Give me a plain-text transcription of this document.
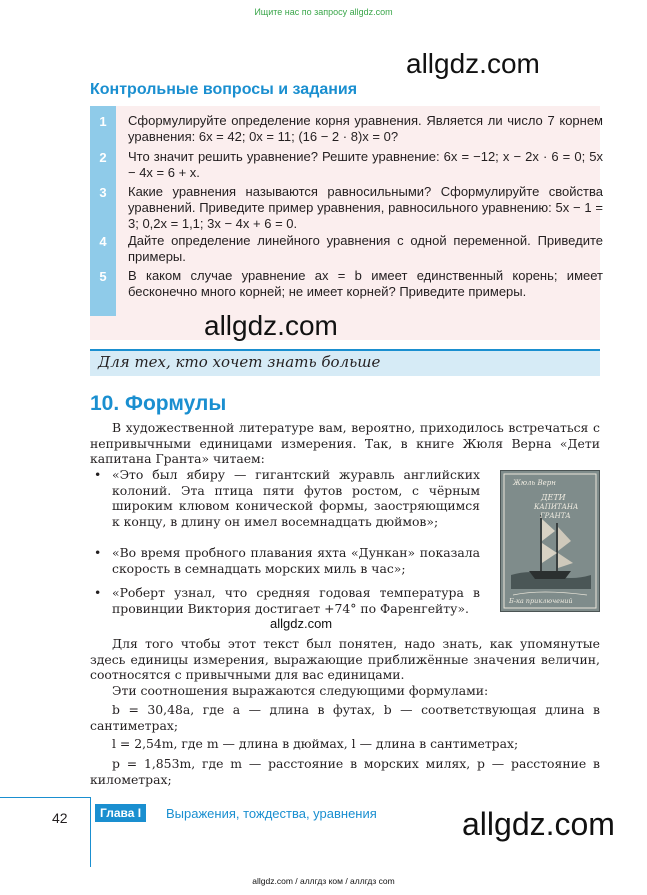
Ищите нас по запросу allgdz.com
Контрольные вопросы и задания
1	Сформулируйте определение корня уравнения. Является ли число 7 корнем уравнения: 6x = 42; 0x = 11; (16 − 2 · 8)x = 0?
2	Что значит решить уравнение? Решите уравнение: 6x = −12; x − 2x · 6 = 0; 5x − 4x = 6 + x.
3	Какие уравнения называются равносильными? Сформулируйте свойства уравнений. Приведите пример уравнения, равносильного уравнению: 5x − 1 = 3; 0,2x = 1,1; 3x − 4x + 6 = 0.
4	Дайте определение линейного уравнения с одной переменной. Приведите примеры.
5	В каком случае уравнение ax = b имеет единственный корень; имеет бесконечно много корней; не имеет корней? Приведите примеры.
allgdz.com
allgdz.com
Для тех, кто хочет знать больше
10. Формулы
В художественной литературе вам, вероятно, приходилось встречаться с непривычными единицами измерения. Так, в книге Жюля Верна «Дети капитана Гранта» читаем:
• «Это был ябиру — гигантский журавль английских колоний. Эта птица пяти футов ростом, с чёрным широким клювом конической формы, заостряющимся к концу, в длину он имел восемнадцать дюймов»;
• «Во время пробного плавания яхта «Дункан» показала скорость в семнадцать морских миль в час»;
• «Роберт узнал, что средняя годовая температура в провинции Виктория достигает +74° по Фаренгейту».
Жюль Верн
ДЕТИ
КАПИТАНА
ГРАНТА
Б-ка приключений
allgdz.com
Для того чтобы этот текст был понятен, надо знать, как упомянутые здесь единицы измерения, выражающие приближённые значения величин, соотносятся с привычными для вас единицами.
Эти соотношения выражаются следующими формулами:
b = 30,48a, где a — длина в футах, b — соответствующая длина в сантиметрах;
l = 2,54m, где m — длина в дюймах, l — длина в сантиметрах;
p = 1,853m, где m — расстояние в морских милях, p — расстояние в километрах;
42	Глава I	Выражения, тождества, уравнения	allgdz.com
allgdz.com / аллгдз ком / аллгдз com
